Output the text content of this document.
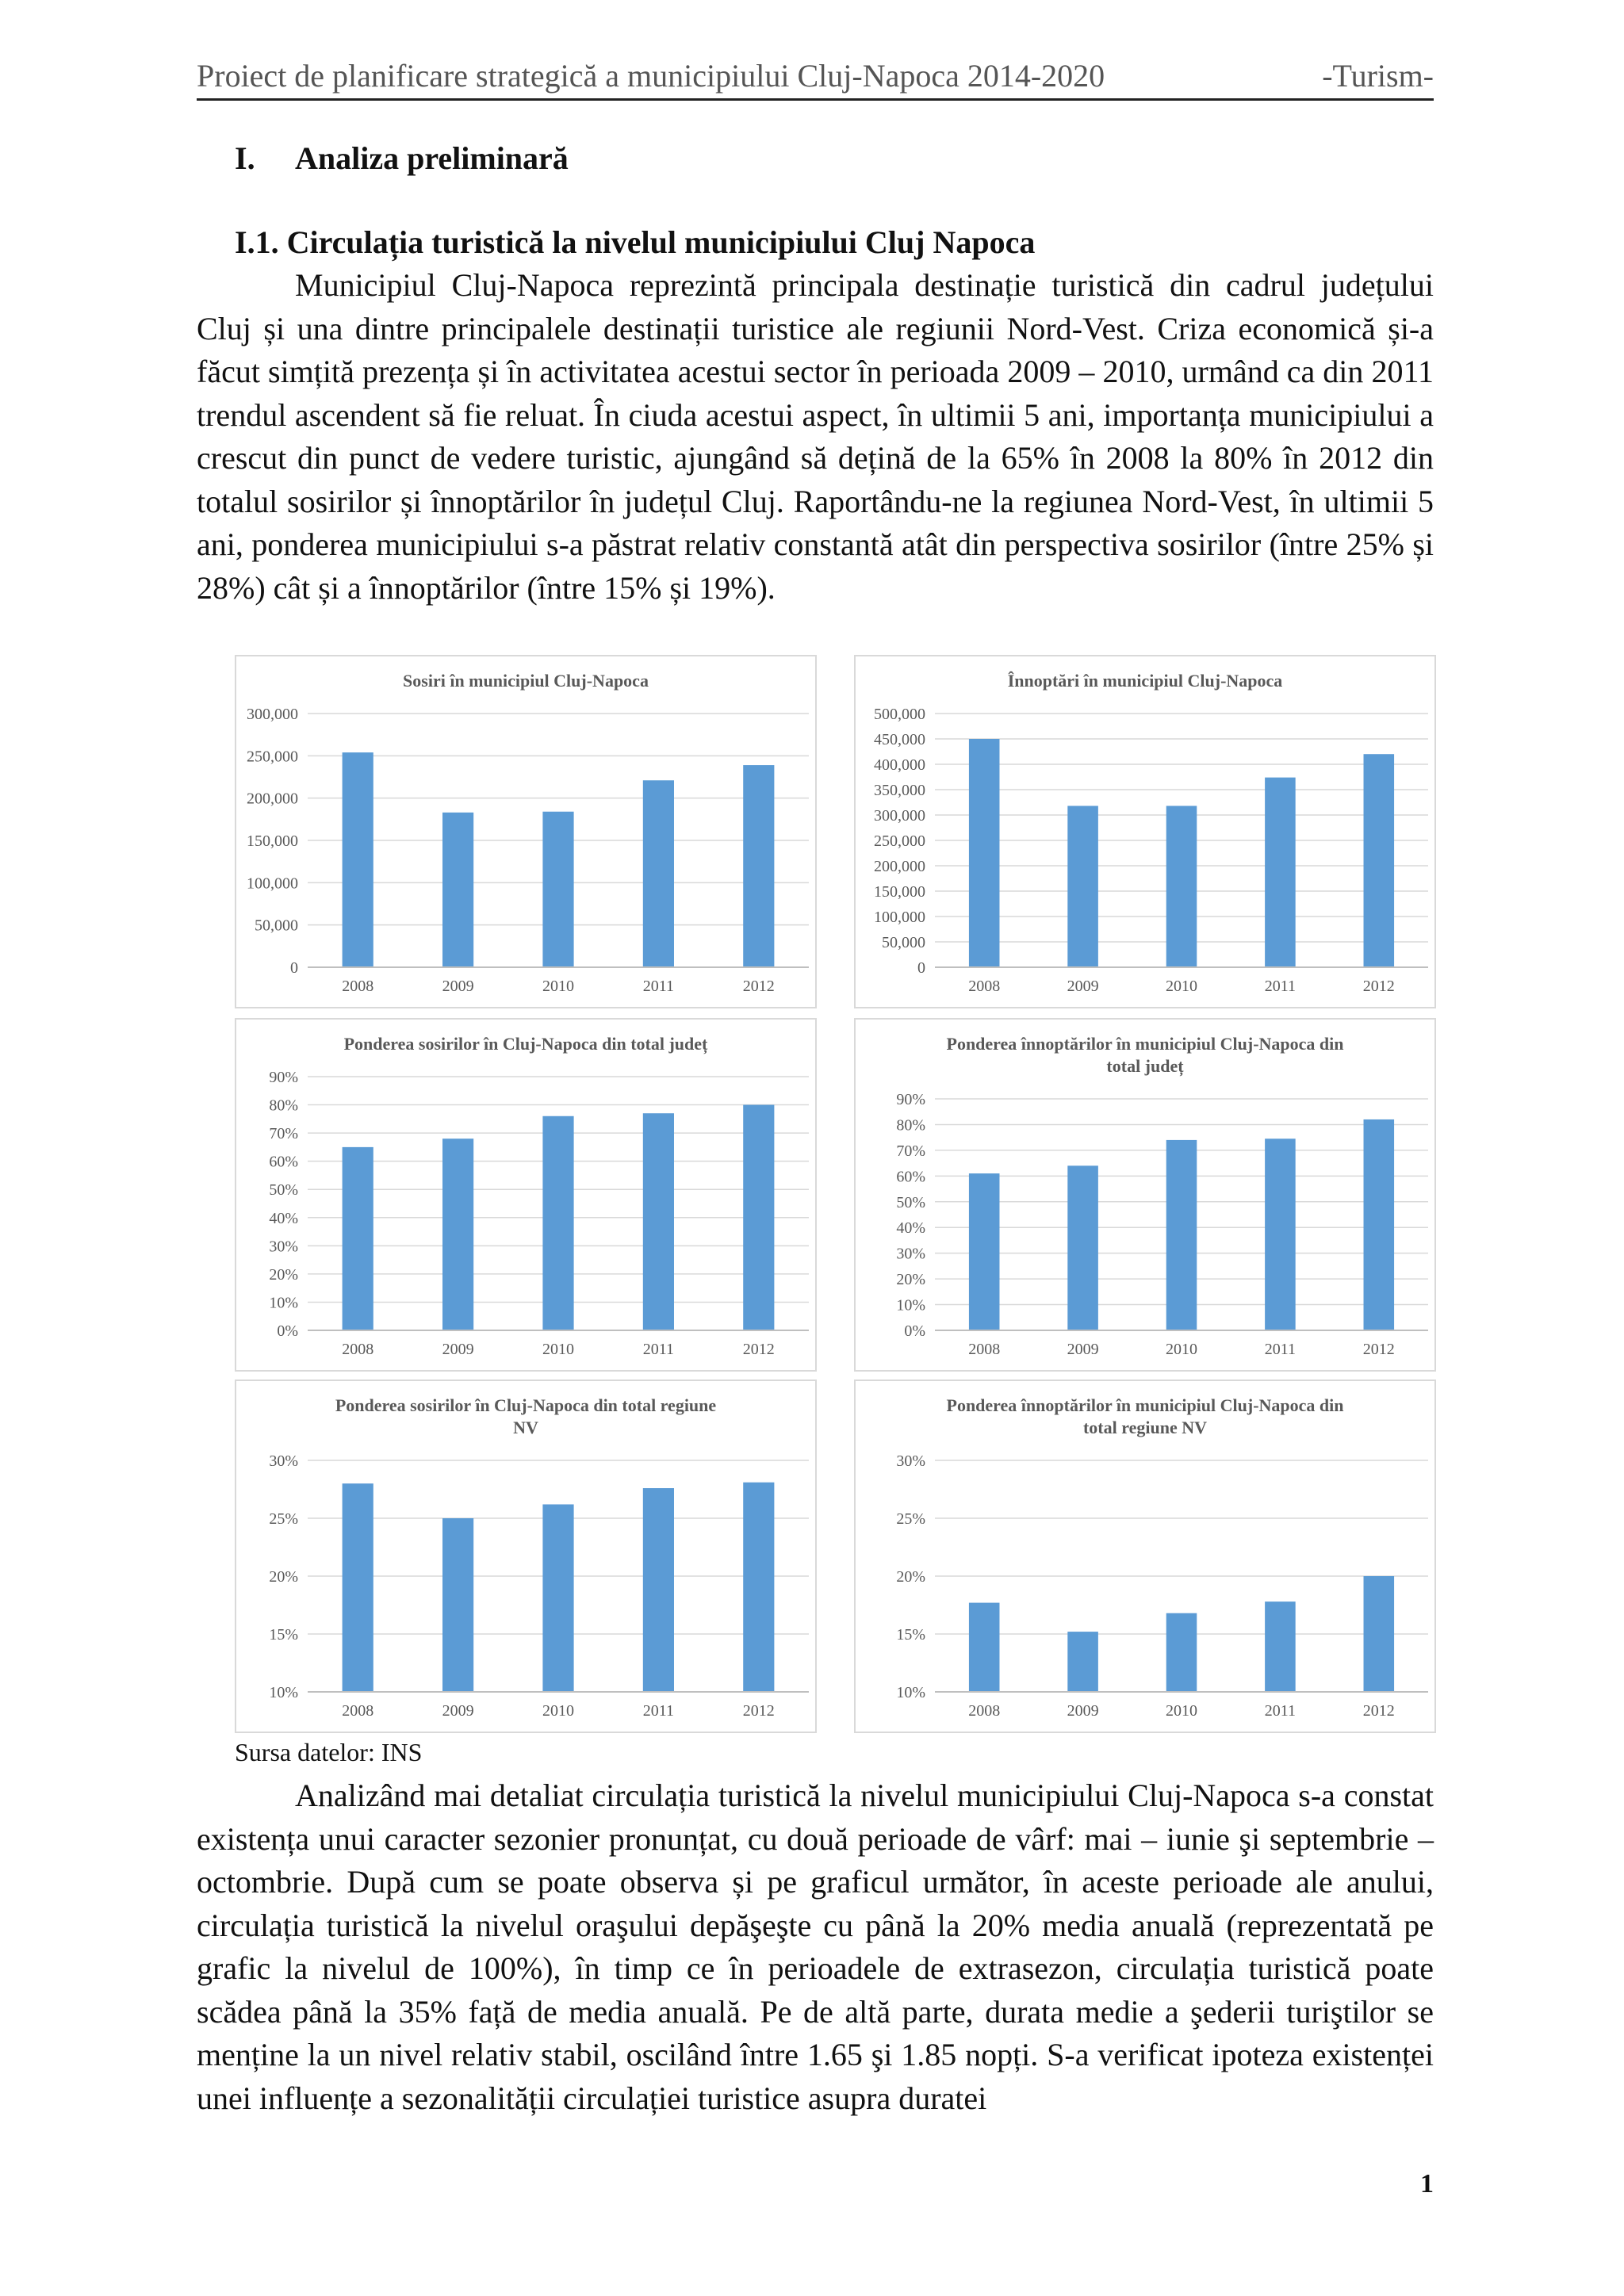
Proiect de planificare strategică a municipiului Cluj-Napoca 2014-2020	-Turism-
I. Analiza preliminară
I.1. Circulația turistică la nivelul municipiului Cluj Napoca

Municipiul Cluj-Napoca reprezintă principala destinație turistică din cadrul județului Cluj și una dintre principalele destinații turistice ale regiunii Nord-Vest. Criza economică și-a făcut simțită prezența și în activitatea acestui sector în perioada 2009 – 2010, urmând ca din 2011 trendul ascendent să fie reluat. În ciuda acestui aspect, în ultimii 5 ani, importanța municipiului a crescut din punct de vedere turistic, ajungând să dețină de la 65% în 2008 la 80% în 2012 din totalul sosirilor și înnoptărilor în județul Cluj. Raportându-ne la regiunea Nord-Vest, în ultimii 5 ani, ponderea municipiului s-a păstrat relativ constantă atât din perspectiva sosirilor (între 25% și 28%) cât și a înnoptărilor (între 15% și 19%).

Sosiri în municipiul Cluj-Napoca
0
50,000
100,000
150,000
200,000
250,000
300,000
2008	2009	2010	2011	2012
Înnoptări în municipiul Cluj-Napoca
0
50,000
100,000
150,000
200,000
250,000
300,000
350,000
400,000
450,000
500,000
2008	2009	2010	2011	2012
Ponderea sosirilor în Cluj-Napoca din total județ
0%
10%
20%
30%
40%
50%
60%
70%
80%
90%
2008	2009	2010	2011	2012
Ponderea înnoptărilor în municipiul Cluj-Napoca din
total județ
0%
10%
20%
30%
40%
50%
60%
70%
80%
90%
2008	2009	2010	2011	2012
Ponderea sosirilor în Cluj-Napoca din total regiune
NV
10%
15%
20%
25%
30%
2008	2009	2010	2011	2012
Ponderea înnoptărilor în municipiul Cluj-Napoca din
total regiune NV
10%
15%
20%
25%
30%
2008	2009	2010	2011	2012
Sursa datelor: INS

Analizând mai detaliat circulația turistică la nivelul municipiului Cluj-Napoca s-a constat existența unui caracter sezonier pronunțat, cu două perioade de vârf: mai – iunie şi septembrie – octombrie. După cum se poate observa și pe graficul următor, în aceste perioade ale anului, circulația turistică la nivelul oraşului depăşeşte cu până la 20% media anuală (reprezentată pe grafic la nivelul de 100%), în timp ce în perioadele de extrasezon, circulația turistică poate scădea până la 35% față de media anuală. Pe de altă parte, durata medie a şederii turiştilor se menține la un nivel relativ stabil, oscilând între 1.65 şi 1.85 nopți. S-a verificat ipoteza existenței unei influențe a sezonalității circulației turistice asupra duratei

1
